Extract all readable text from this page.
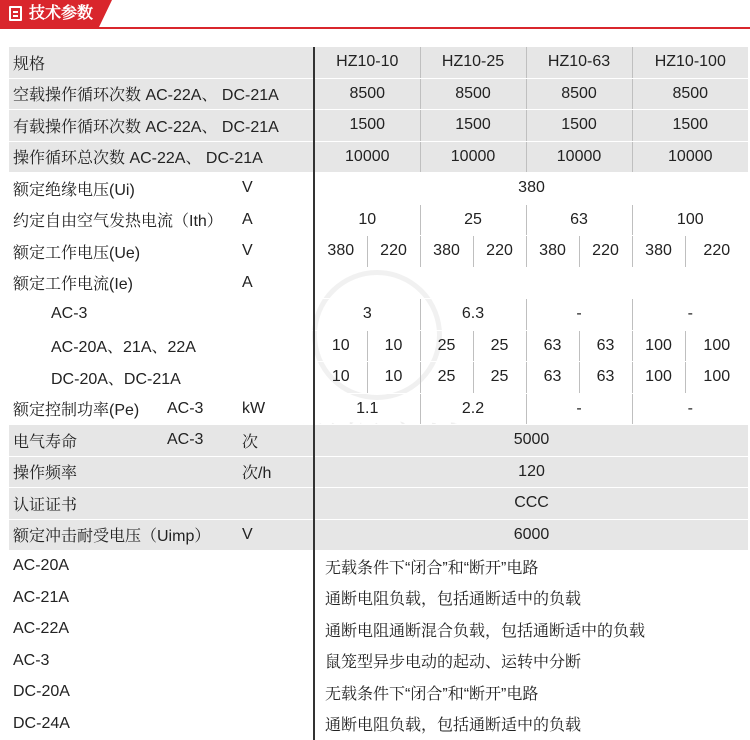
技术参数
规格			HZ10-10		HZ10-25		HZ10-63		HZ10-100	
空载操作循环次数 AC-22A、 DC-21A			8500		8500		8500		8500	
有载操作循环次数 AC-22A、 DC-21A			1500		1500		1500		1500	
操作循环总次数 AC-22A、 DC-21A			10000		10000		10000		10000	
额定绝缘电压(Ui)		V	380							
约定自由空气发热电流（Ith）		A	10		25		63		100	
额定工作电压(Ue)		V	380	220	380	220	380	220	380	220
额定工作电流(Ie)		A								
AC-3			3		6.3		-		-	
AC-20A、21A、22A			10	10	25	25	63	63	100	100
DC-20A、DC-21A			10	10	25	25	63	63	100	100
额定控制功率(Pe)	AC-3	kW	1.1		2.2		-		-	
电气寿命	AC-3	次	5000							
操作频率		次/h	120							
认证证书			CCC							
额定冲击耐受电压（Uimp）		V	6000							
AC-20A			无载条件下“闭合”和“断开”电路							
AC-21A			通断电阻负载，包括通断适中的负载							
AC-22A			通断电阻通断混合负载，包括通断适中的负载							
AC-3			鼠笼型异步电动的起动、运转中分断							
DC-20A			无载条件下“闭合”和“断开”电路							
DC-24A			通断电阻负载，包括通断适中的负载							
